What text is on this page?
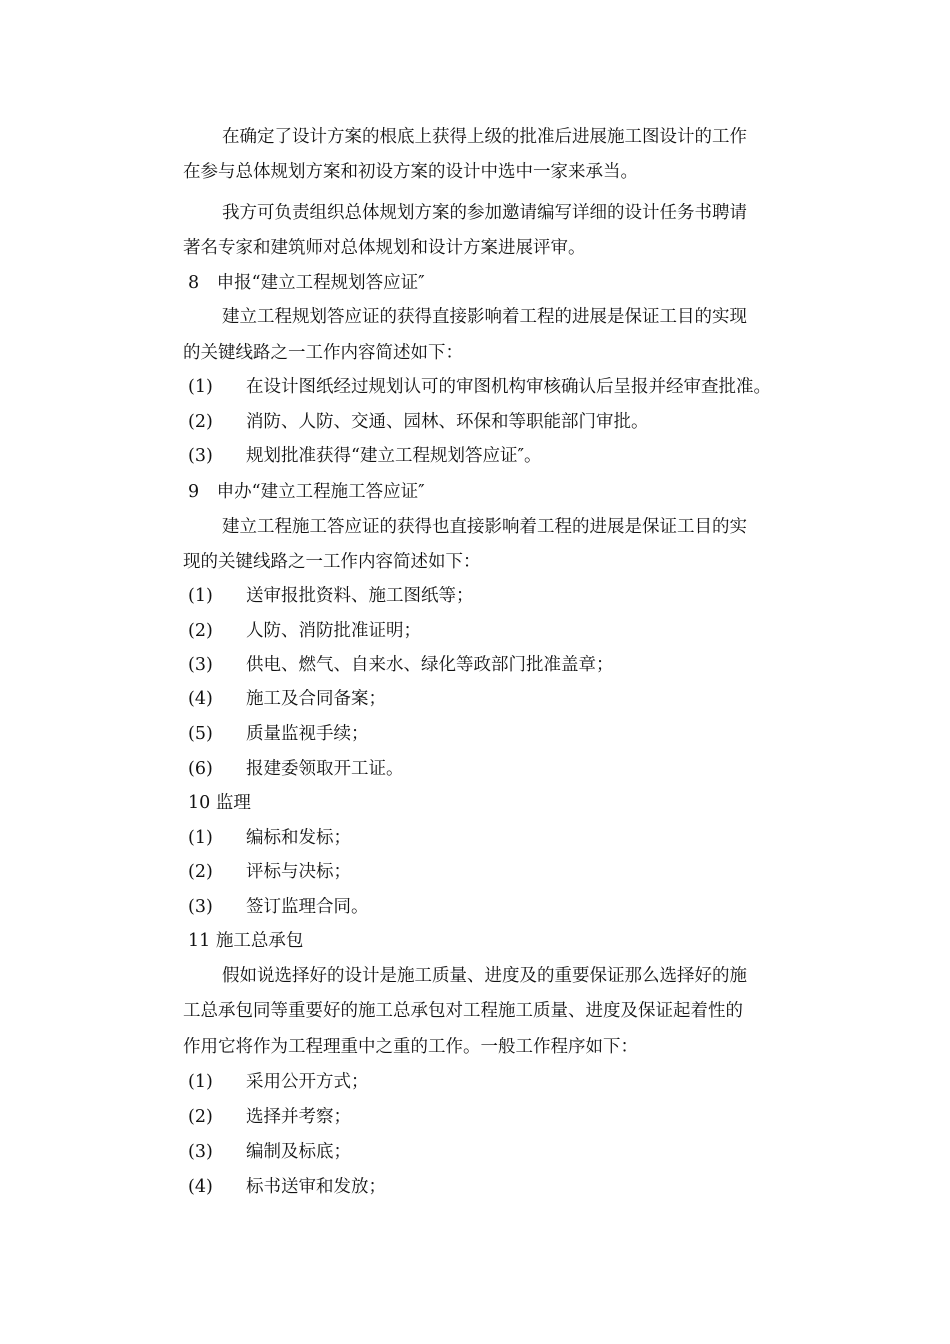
在确定了设计方案的根底上获得上级的批准后进展施工图设计的工作
在参与总体规划方案和初设方案的设计中选中一家来承当。
我方可负责组织总体规划方案的参加邀请编写详细的设计任务书聘请
著名专家和建筑师对总体规划和设计方案进展评审。
8　申报“建立工程规划答应证″
建立工程规划答应证的获得直接影响着工程的进展是保证工目的实现
的关键线路之一工作内容简述如下：
(1) 在设计图纸经过规划认可的审图机构审核确认后呈报并经审查批准。
(2) 消防、人防、交通、园林、环保和等职能部门审批。
(3) 规划批准获得“建立工程规划答应证″。
9　申办“建立工程施工答应证″
建立工程施工答应证的获得也直接影响着工程的进展是保证工目的实
现的关键线路之一工作内容简述如下：
(1) 送审报批资料、施工图纸等；
(2) 人防、消防批准证明；
(3) 供电、燃气、自来水、绿化等政部门批准盖章；
(4) 施工及合同备案；
(5) 质量监视手续；
(6) 报建委领取开工证。
10 监理
(1) 编标和发标；
(2) 评标与决标；
(3) 签订监理合同。
11 施工总承包
假如说选择好的设计是施工质量、进度及的重要保证那么选择好的施
工总承包同等重要好的施工总承包对工程施工质量、进度及保证起着性的
作用它将作为工程理重中之重的工作。一般工作程序如下：
(1) 采用公开方式；
(2) 选择并考察；
(3) 编制及标底；
(4) 标书送审和发放；
